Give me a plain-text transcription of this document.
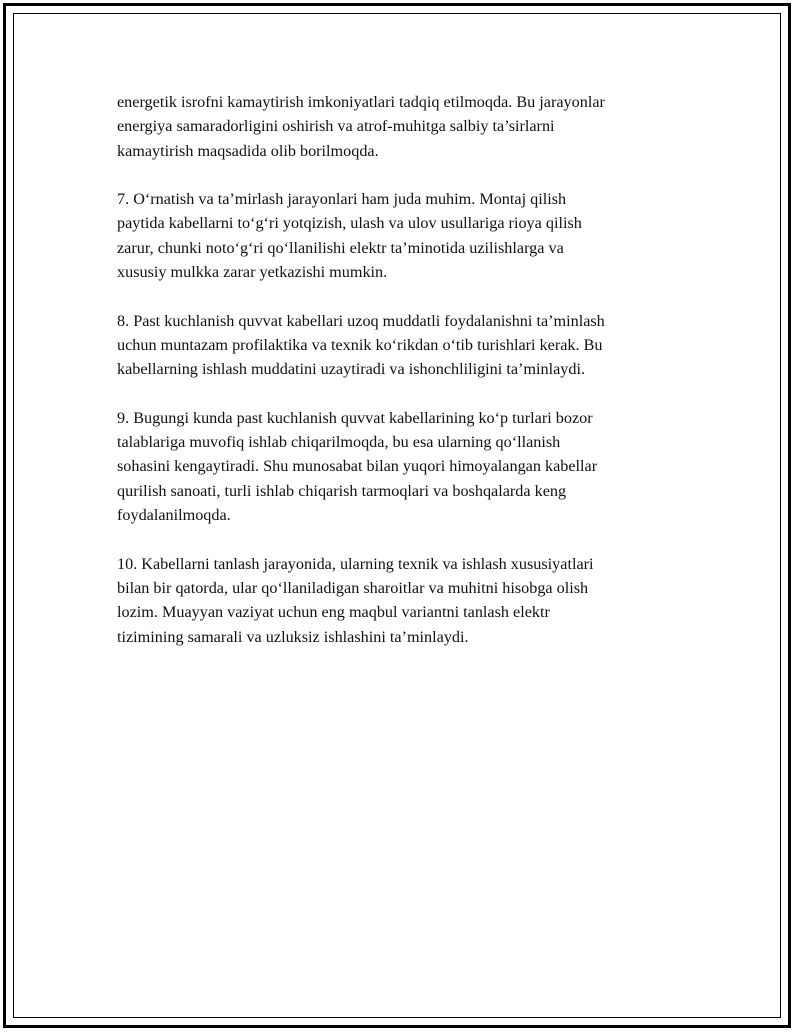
energetik isrofni kamaytirish imkoniyatlari tadqiq etilmoqda. Bu jarayonlar
energiya samaradorligini oshirish va atrof-muhitga salbiy ta’sirlarni
kamaytirish maqsadida olib borilmoqda.

7. O‘rnatish va ta’mirlash jarayonlari ham juda muhim. Montaj qilish
paytida kabellarni to‘g‘ri yotqizish, ulash va ulov usullariga rioya qilish
zarur, chunki noto‘g‘ri qo‘llanilishi elektr ta’minotida uzilishlarga va
xususiy mulkka zarar yetkazishi mumkin.

8. Past kuchlanish quvvat kabellari uzoq muddatli foydalanishni ta’minlash
uchun muntazam profilaktika va texnik ko‘rikdan o‘tib turishlari kerak. Bu
kabellarning ishlash muddatini uzaytiradi va ishonchliligini ta’minlaydi.

9. Bugungi kunda past kuchlanish quvvat kabellarining ko‘p turlari bozor
talablariga muvofiq ishlab chiqarilmoqda, bu esa ularning qo‘llanish
sohasini kengaytiradi. Shu munosabat bilan yuqori himoyalangan kabellar
qurilish sanoati, turli ishlab chiqarish tarmoqlari va boshqalarda keng
foydalanilmoqda.

10. Kabellarni tanlash jarayonida, ularning texnik va ishlash xususiyatlari
bilan bir qatorda, ular qo‘llaniladigan sharoitlar va muhitni hisobga olish
lozim. Muayyan vaziyat uchun eng maqbul variantni tanlash elektr
tizimining samarali va uzluksiz ishlashini ta’minlaydi.
